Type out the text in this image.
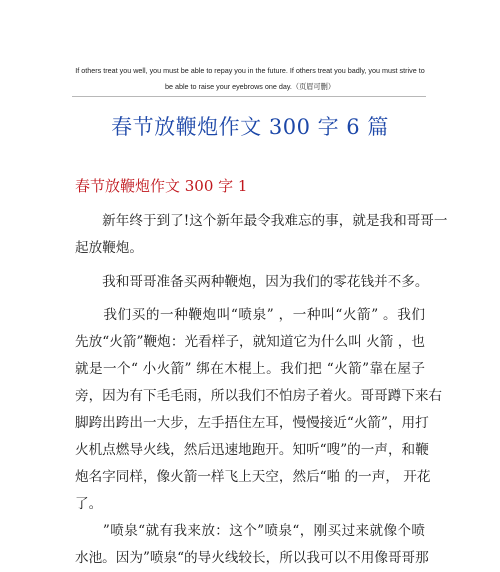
If others treat you well, you must be able to repay you in the future. If others treat you badly, you must strive to
be able to raise your eyebrows one day.（页眉可删）
春节放鞭炮作文 300 字 6 篇
春节放鞭炮作文 300 字 1
　　新年终于到了!这个新年最令我难忘的事，就是我和哥哥一
起放鞭炮。
　　我和哥哥准备买两种鞭炮，因为我们的零花钱并不多。
　　我们买的一种鞭炮叫“喷泉” ，一种叫“火箭” 。我们
先放“火箭”鞭炮：光看样子，就知道它为什么叫 火箭 ，也
就是一个“ 小火箭” 绑在木棍上。我们把 “火箭”靠在屋子
旁，因为有下毛毛雨，所以我们不怕房子着火。哥哥蹲下来右
脚跨出跨出一大步，左手捂住左耳，慢慢接近“火箭”，用打
火机点燃导火线，然后迅速地跑开。知听“嗖”的一声，和鞭
炮名字同样，像火箭一样飞上天空，然后“啪 的一声， 开花
了。
　　”喷泉“就有我来放：这个”喷泉“，刚买过来就像个喷
水池。因为”喷泉“的导火线较长，所以我可以不用像哥哥那
